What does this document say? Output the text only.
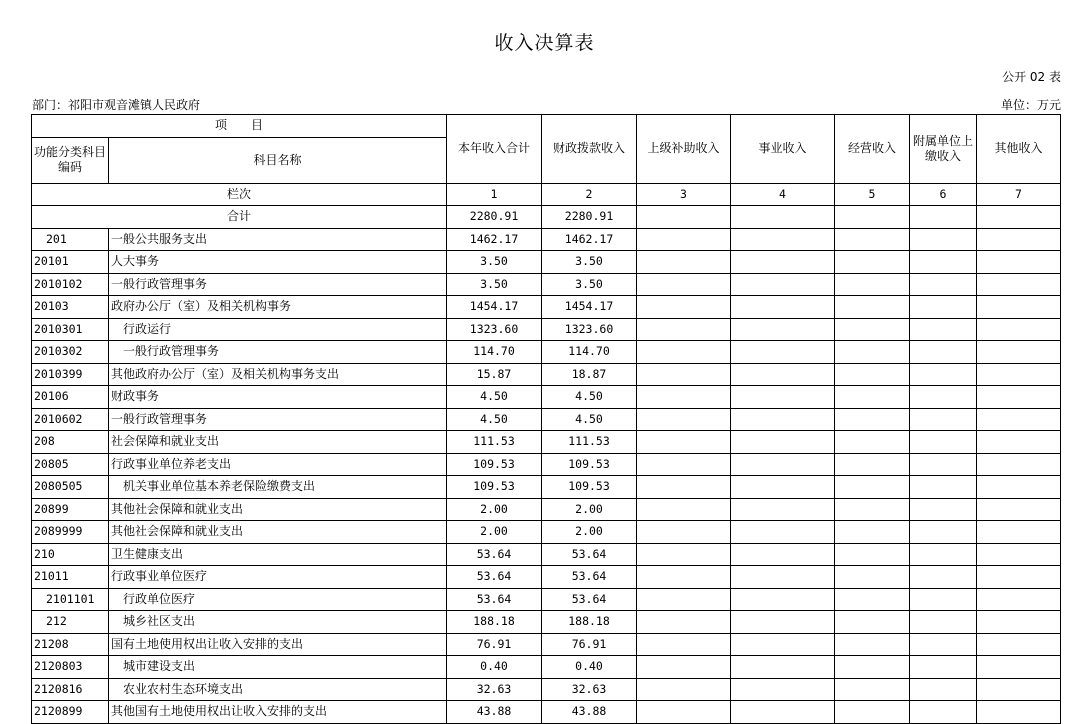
收入决算表
公开 02 表
部门：祁阳市观音滩镇人民政府	单位：万元
项　　目		本年收入合计	财政拨款收入	上级补助收入	事业收入	经营收入	附属单位上缴收入	其他收入
功能分类科目编码	科目名称							
栏次		1	2	3	4	5	6	7
合计		2280.91	2280.91					
201	一般公共服务支出	1462.17	1462.17					
20101	人大事务	3.50	3.50					
2010102	一般行政管理事务	3.50	3.50					
20103	政府办公厅（室）及相关机构事务	1454.17	1454.17					
2010301	行政运行	1323.60	1323.60					
2010302	一般行政管理事务	114.70	114.70					
2010399	其他政府办公厅（室）及相关机构事务支出	15.87	18.87					
20106	财政事务	4.50	4.50					
2010602	一般行政管理事务	4.50	4.50					
208	社会保障和就业支出	111.53	111.53					
20805	行政事业单位养老支出	109.53	109.53					
2080505	机关事业单位基本养老保险缴费支出	109.53	109.53					
20899	其他社会保障和就业支出	2.00	2.00					
2089999	其他社会保障和就业支出	2.00	2.00					
210	卫生健康支出	53.64	53.64					
21011	行政事业单位医疗	53.64	53.64					
2101101	行政单位医疗	53.64	53.64					
212	城乡社区支出	188.18	188.18					
21208	国有土地使用权出让收入安排的支出	76.91	76.91					
2120803	城市建设支出	0.40	0.40					
2120816	农业农村生态环境支出	32.63	32.63					
2120899	其他国有土地使用权出让收入安排的支出	43.88	43.88					
